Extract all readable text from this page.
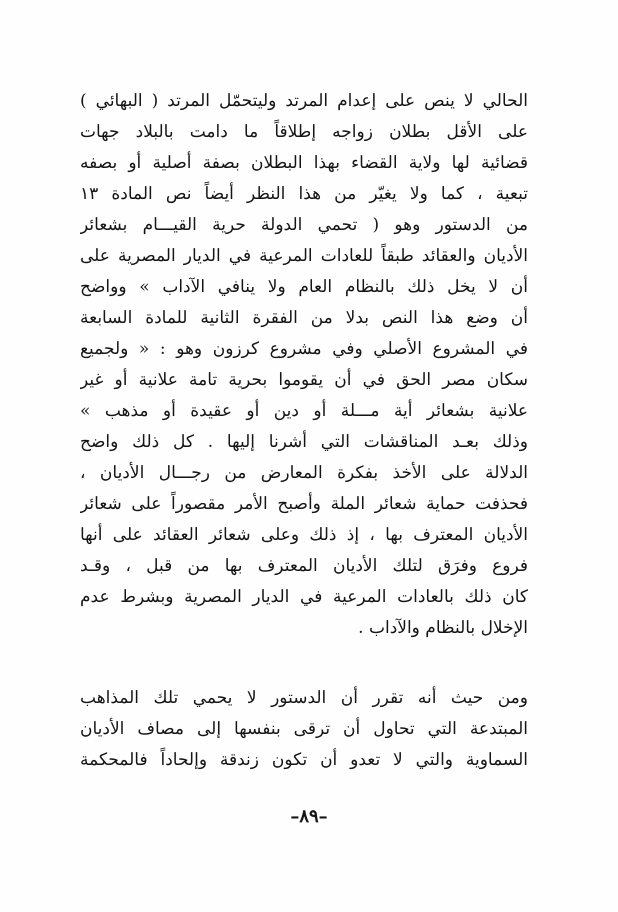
الحالي لا ينص على إعدام المرتد وليتحمّل المرتد ( البهائي )
على الأقل بطلان زواجه إطلاقاً ما دامت بالبلاد جهات
قضائية لها ولاية القضاء بهذا البطلان بصفة أصلية أو بصفه
تبعية ، كما ولا يغيّر من هذا النظر أيضاً نص المادة ١٣
من الدستور وهو ( تحمي الدولة حرية القيـــام بشعائر
الأديان والعقائد طبقاً للعادات المرعية في الديار المصرية على
أن لا يخل ذلك بالنظام العام ولا ينافي الآداب » وواضح
أن وضع هذا النص بدلا من الفقرة الثانية للمادة السابعة
في المشروع الأصلي وفي مشروع كرزون وهو : « ولجميع
سكان مصر الحق في أن يقوموا بحرية تامة علانية أو غير
علانية بشعائر أية مـــلة أو دين أو عقيدة أو مذهب »
وذلك بعـد المناقشات التي أشرنا إليها . كل ذلك واضح
الدلالة على الأخذ بفكرة المعارض من رجـــال الأديان ،
فحذفت حماية شعائر الملة وأصبح الأمر مقصوراً على شعائر
الأديان المعترف بها ، إذ ذلك وعلى شعائر العقائد على أنها
فروع وفرَق لتلك الأديان المعترف بها من قبل ، وقـد
كان ذلك بالعادات المرعية في الديار المصرية وبشرط عدم
الإخلال بالنظام والآداب .
ومن حيث أنه تقرر أن الدستور لا يحمي تلك المذاهب
المبتدعة التي تحاول أن ترقى بنفسها إلى مصاف الأديان
السماوية والتي لا تعدو أن تكون زندقة وإلحاداً فالمحكمة
–٨٩–
